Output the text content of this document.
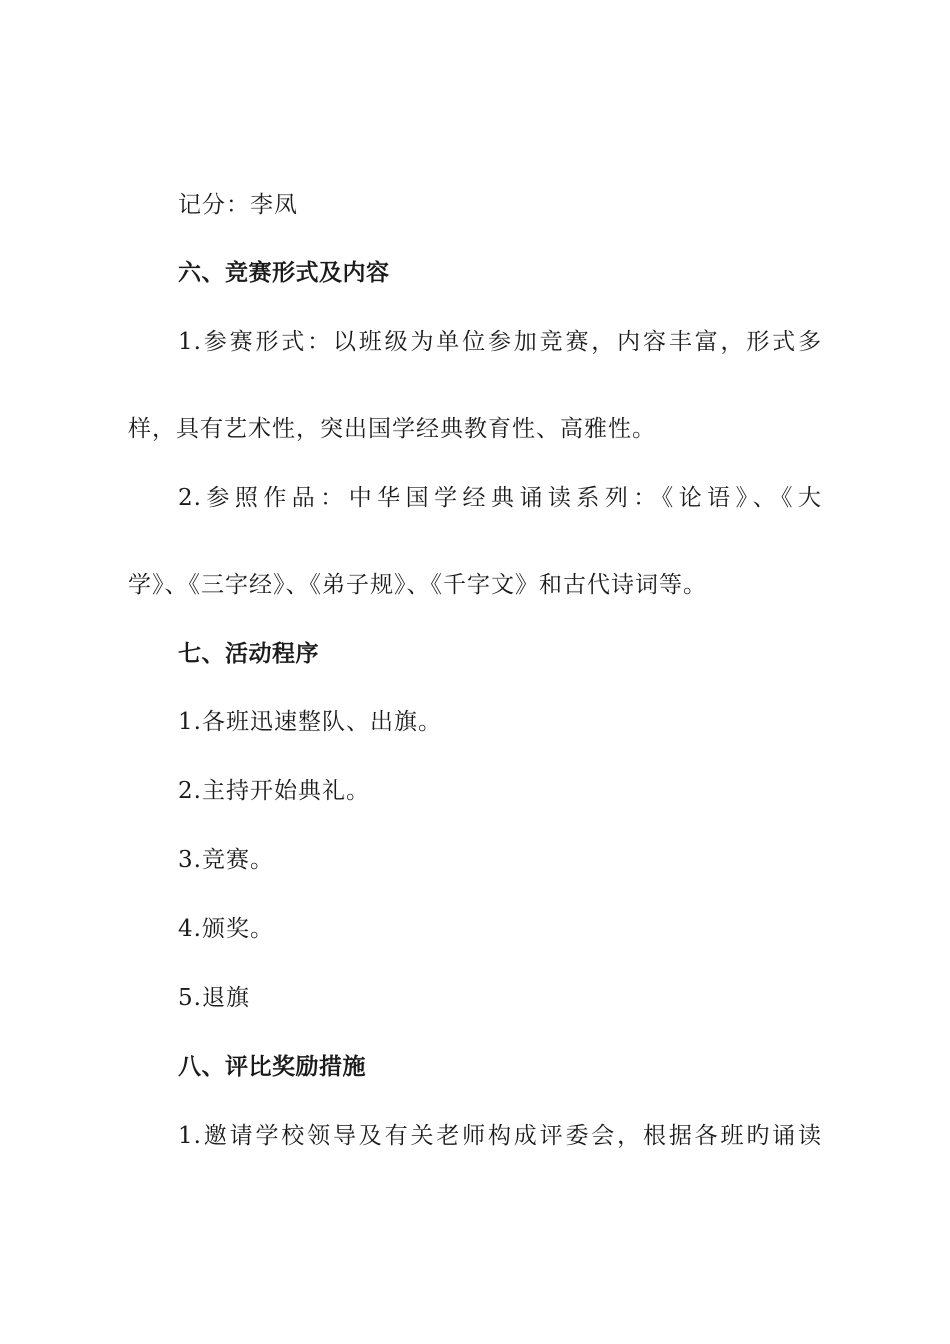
记分：李凤
六、竞赛形式及内容
1.参赛形式：以班级为单位参加竞赛，内容丰富，形式多
样，具有艺术性，突出国学经典教育性、高雅性。
2.参照作品：中华国学经典诵读系列：《论语》、《大
学》、《三字经》、《弟子规》、《千字文》和古代诗词等。
七、活动程序
1.各班迅速整队、出旗。
2.主持开始典礼。
3.竞赛。
4.颁奖。
5.退旗
八、评比奖励措施
1.邀请学校领导及有关老师构成评委会，根据各班旳诵读
